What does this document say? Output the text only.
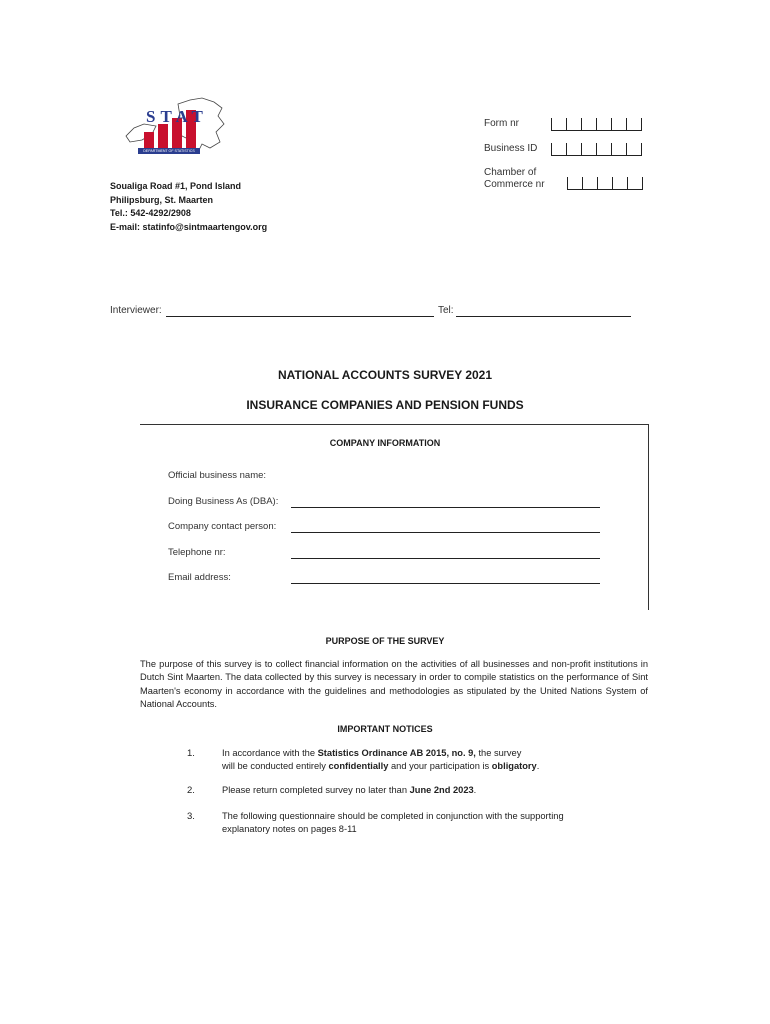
STAT
DEPARTMENT OF STATISTICS
Soualiga Road #1, Pond Island
Philipsburg, St. Maarten
Tel.: 542-4292/2908
E-mail: statinfo@sintmaartengov.org
Form nr
Business ID
Chamber of
Commerce nr
Interviewer:	Tel:
NATIONAL ACCOUNTS SURVEY 2021
INSURANCE COMPANIES AND PENSION FUNDS
COMPANY INFORMATION
Official business name:
Doing Business As (DBA):
Company contact person:
Telephone nr:
Email address:
PURPOSE OF THE SURVEY
The purpose of this survey is to collect financial information on the activities of all businesses and non-profit institutions in Dutch Sint Maarten. The data collected by this survey is necessary in order to compile statistics on the performance of Sint Maarten's economy in accordance with the guidelines and methodologies as stipulated by the United Nations System of National Accounts.
IMPORTANT NOTICES
1.	In accordance with the Statistics Ordinance AB 2015, no. 9, the survey
will be conducted entirely confidentially and your participation is obligatory.
2.	Please return completed survey no later than June 2nd 2023.
3.	The following questionnaire should be completed in conjunction with the supporting
explanatory notes on pages 8-11
